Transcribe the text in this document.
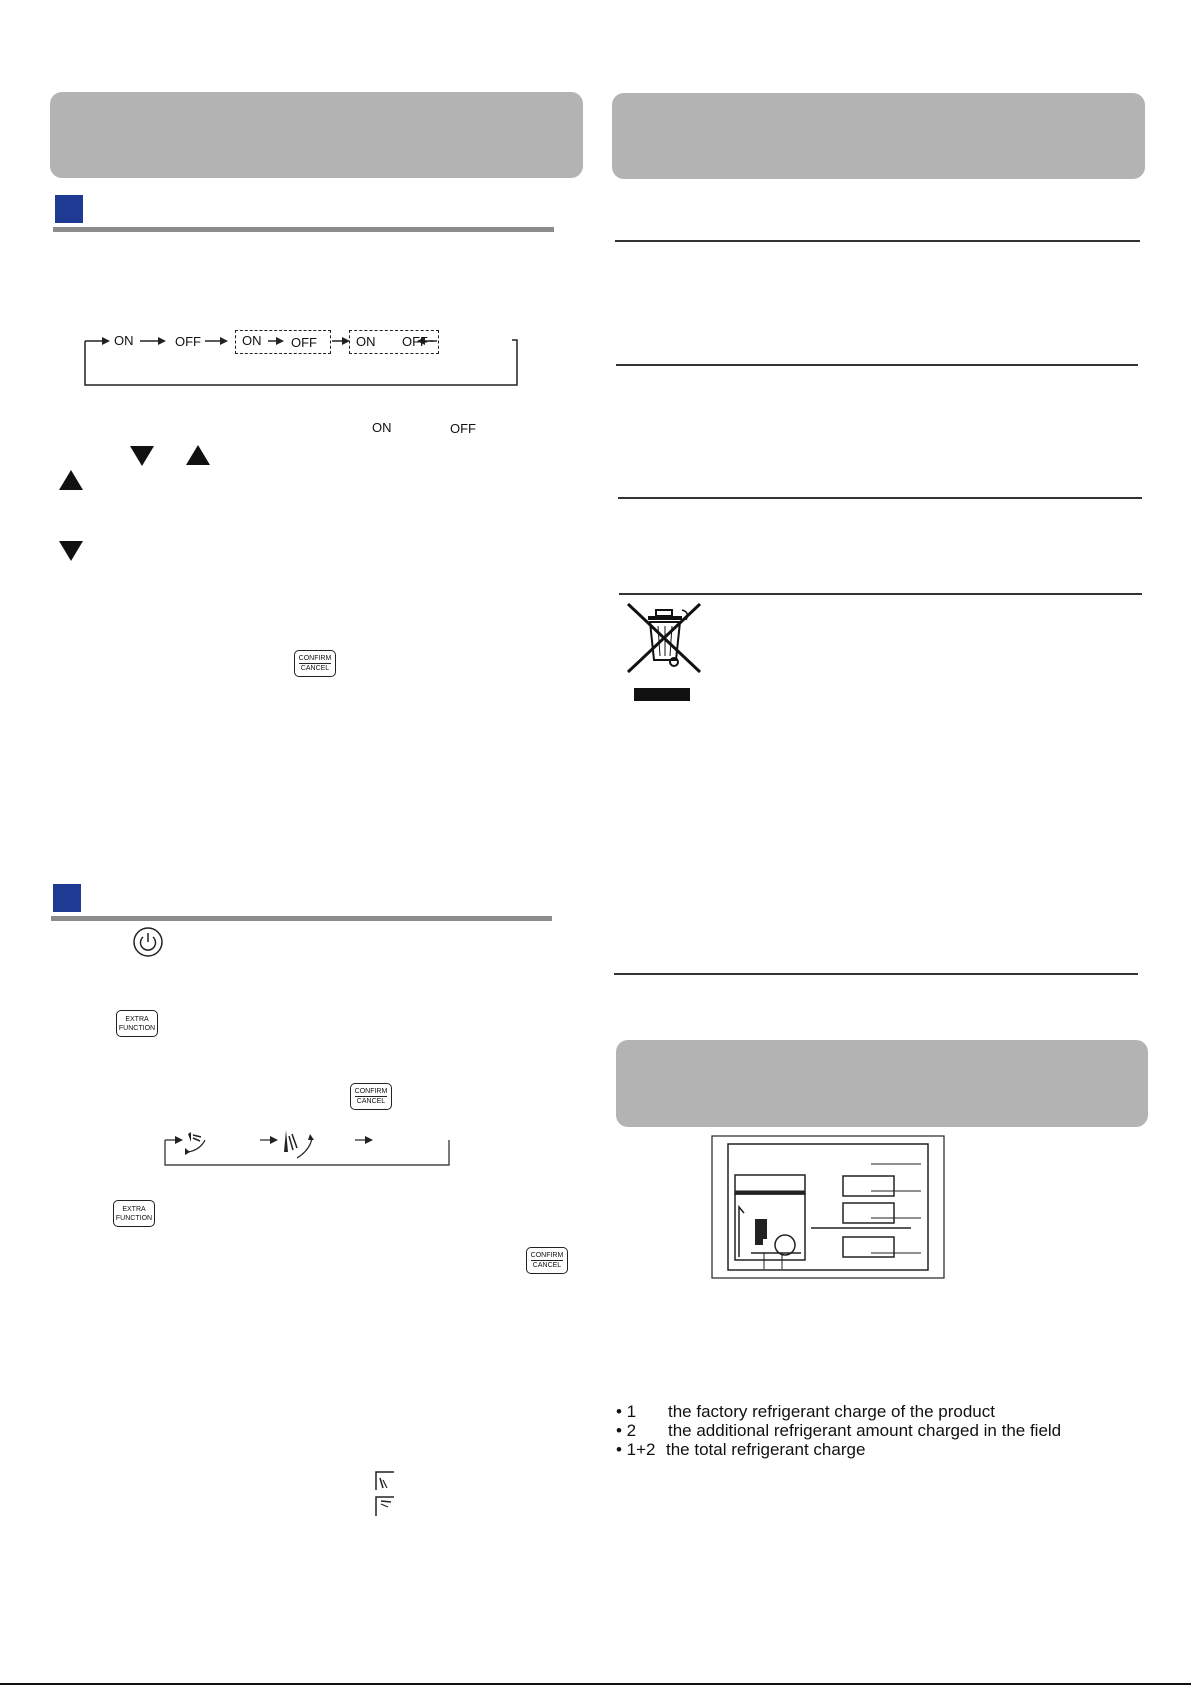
ON	OFF	ON OFF	ON OFF
ON	OFF
CONFIRM
CANCEL
EXTRA
FUNCTION
CONFIRM
CANCEL
EXTRA
FUNCTION
CONFIRM
CANCEL
• 1 the factory refrigerant charge of the product
• 2 the additional refrigerant amount charged in the field
• 1+2 the total refrigerant charge
